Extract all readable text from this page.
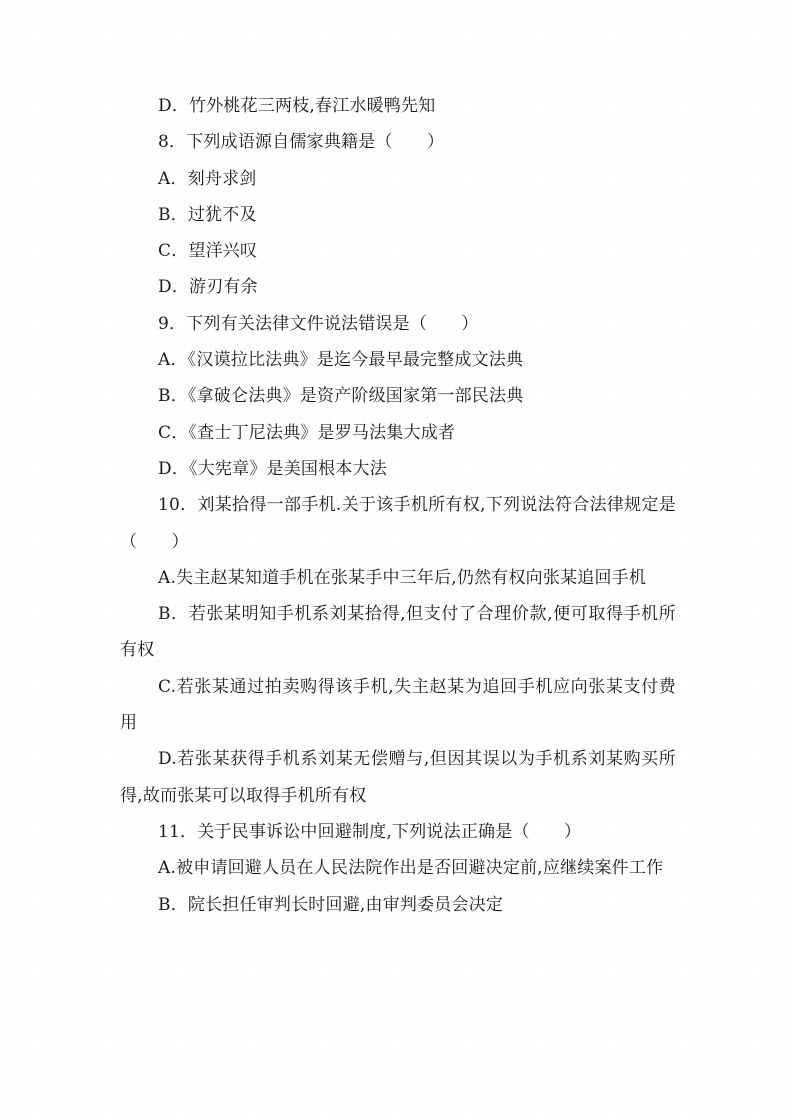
D．竹外桃花三两枝,春江水暖鸭先知
8．下列成语源自儒家典籍是（　　）
A．刻舟求剑
B．过犹不及
C．望洋兴叹
D．游刃有余
9．下列有关法律文件说法错误是（　　）
A．《汉谟拉比法典》是迄今最早最完整成文法典
B．《拿破仑法典》是资产阶级国家第一部民法典
C．《查士丁尼法典》是罗马法集大成者
D．《大宪章》是美国根本大法
10．刘某拾得一部手机.关于该手机所有权,下列说法符合法律规定是（　　）
A.失主赵某知道手机在张某手中三年后,仍然有权向张某追回手机
B．若张某明知手机系刘某拾得,但支付了合理价款,便可取得手机所有权
C.若张某通过拍卖购得该手机,失主赵某为追回手机应向张某支付费用
D.若张某获得手机系刘某无偿赠与,但因其误以为手机系刘某购买所得,故而张某可以取得手机所有权
11．关于民事诉讼中回避制度,下列说法正确是（　　）
A.被申请回避人员在人民法院作出是否回避决定前,应继续案件工作
B．院长担任审判长时回避,由审判委员会决定
